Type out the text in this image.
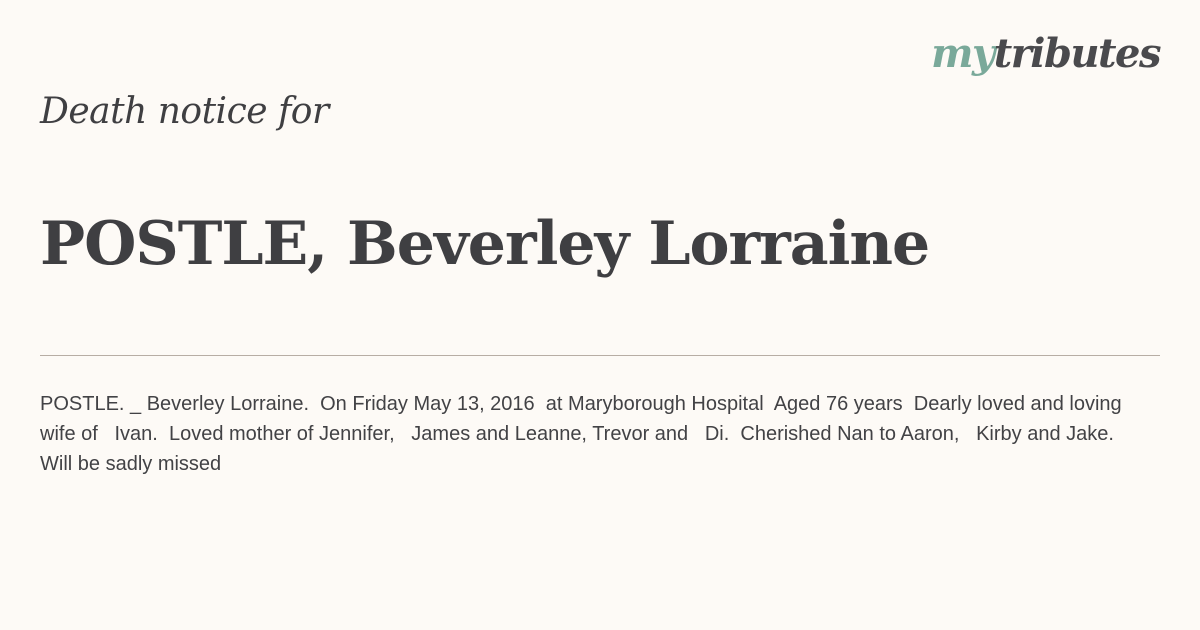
mytributes
Death notice for
POSTLE, Beverley Lorraine
POSTLE. _ Beverley Lorraine.  On Friday May 13, 2016  at Maryborough Hospital  Aged 76 years  Dearly loved and loving wife of   Ivan.  Loved mother of Jennifer,   James and Leanne, Trevor and   Di.  Cherished Nan to Aaron,   Kirby and Jake.   Will be sadly missed
